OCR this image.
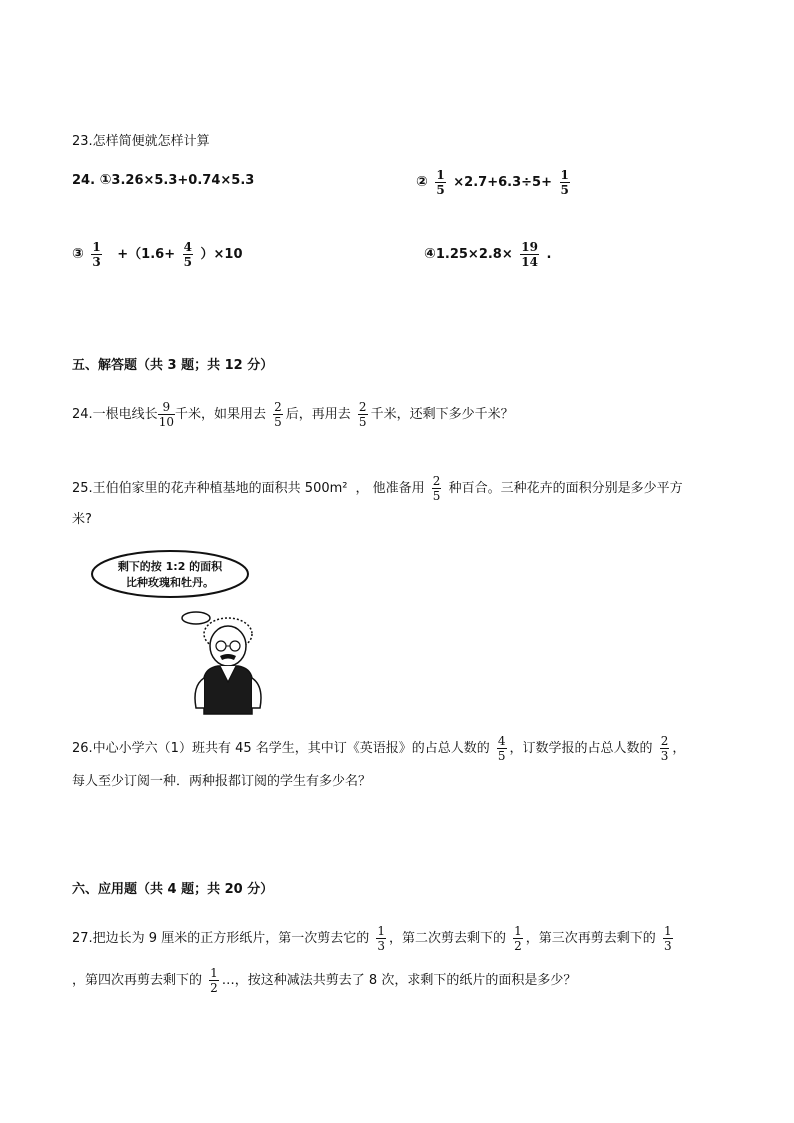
23.怎样简便就怎样计算
24. ①3.26×5.3+0.74×5.3	② $\frac{1}{5} \times 2.7+6.3\div 5+ \frac{1}{5}$
③ $\frac{1}{3} +(1.6+ \frac{4}{5} )\times 10$	④1.25×2.8× $\frac{19}{14}$ .
五、解答题（共 3 题；共 12 分）
24.一根电线长 $\frac{9}{10}$ 千米，如果用去 $\frac{2}{5}$ 后，再用去 $\frac{2}{5}$ 千米，还剩下多少千米？
25.王伯伯家里的花卉种植基地的面积共 500m² ， 他准备用 $\frac{2}{5}$ 种百合。三种花卉的面积分别是多少平方
米?
剩下的按 1:2 的面积
比种玫瑰和牡丹。
26.中心小学六（1）班共有 45 名学生，其中订《英语报》的占总人数的 $\frac{4}{5}$ ，订数学报的占总人数的 $\frac{2}{3}$ ，
每人至少订阅一种．两种报都订阅的学生有多少名？
六、应用题（共 4 题；共 20 分）
27.把边长为 9 厘米的正方形纸片，第一次剪去它的 $\frac{1}{3}$ ，第二次剪去剩下的 $\frac{1}{2}$ ，第三次再剪去剩下的 $\frac{1}{3}$
，第四次再剪去剩下的 $\frac{1}{2}$ …，按这种减法共剪去了 8 次，求剩下的纸片的面积是多少？
